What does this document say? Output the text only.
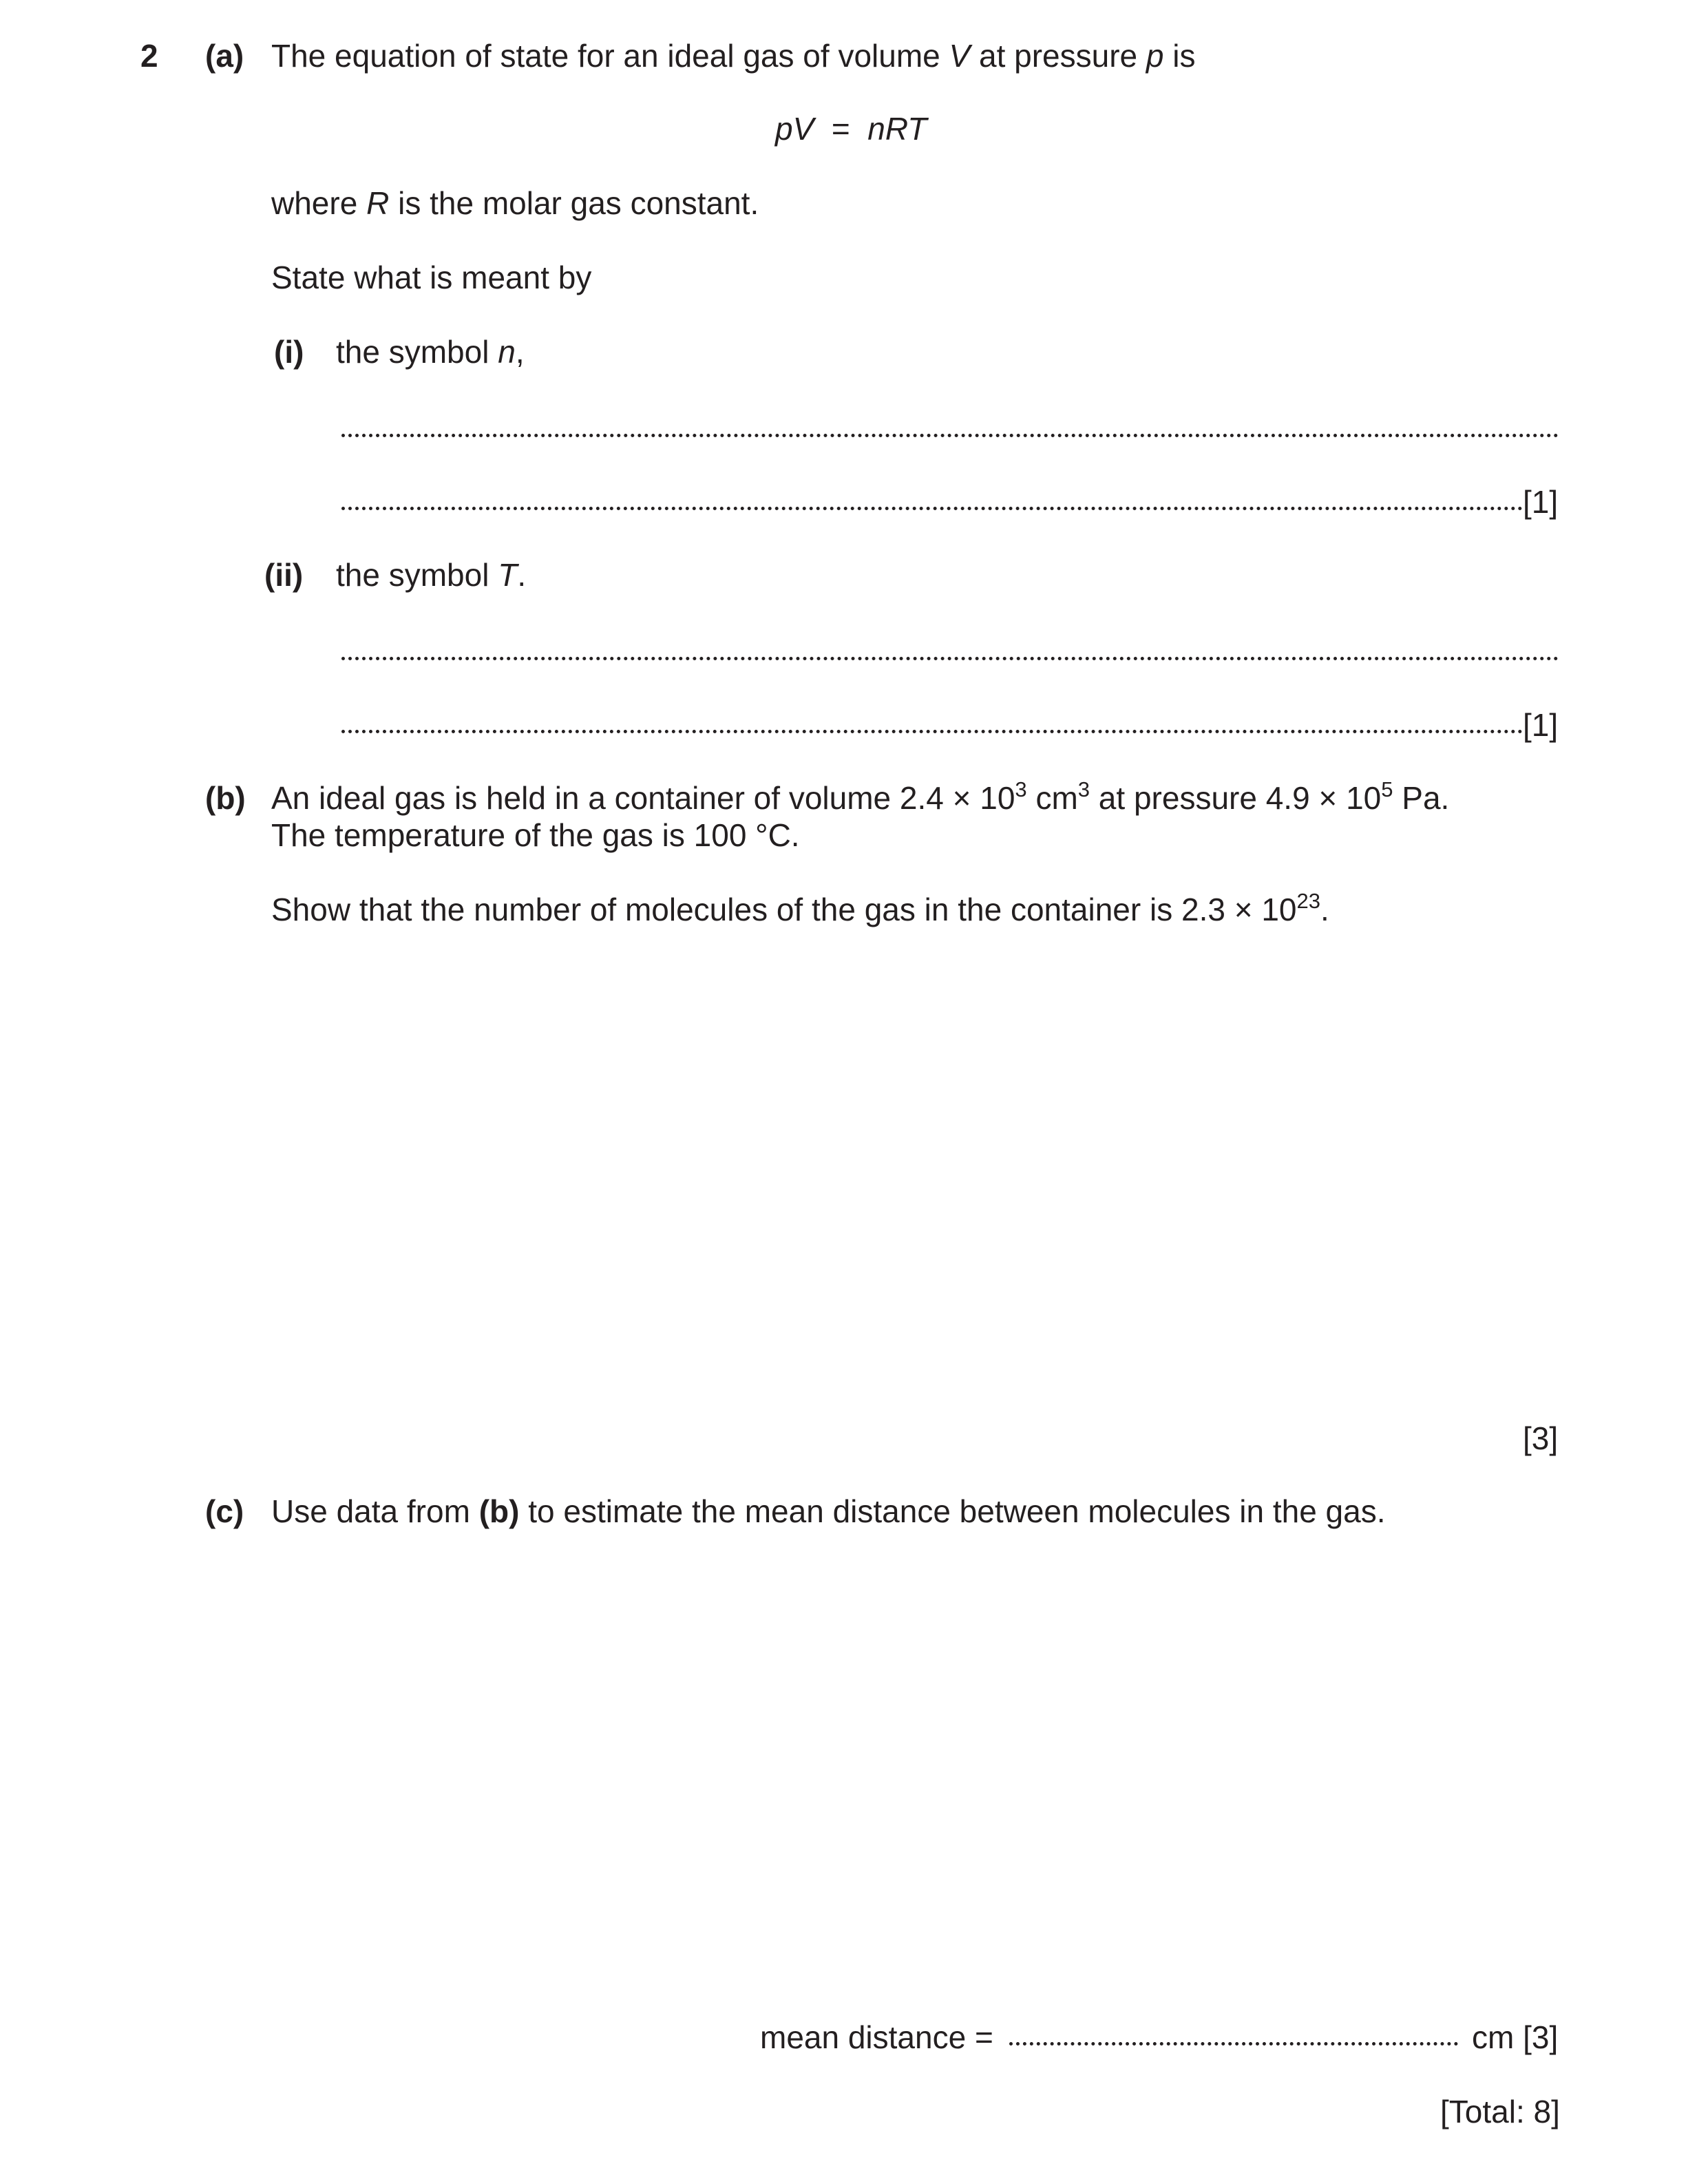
2 (a) The equation of state for an ideal gas of volume V at pressure p is
pV = nRT
where R is the molar gas constant.
State what is meant by
(i) the symbol n,
[1]
(ii) the symbol T.
[1]
(b) An ideal gas is held in a container of volume $2.4 \times 10^3$ $cm^3$ at pressure $4.9 \times 10^5$ Pa.
The temperature of the gas is 100 °C.
Show that the number of molecules of the gas in the container is $2.3 \times 10^{23}$.
[3]
(c) Use data from (b) to estimate the mean distance between molecules in the gas.
mean distance =	cm [3]
[Total: 8]
